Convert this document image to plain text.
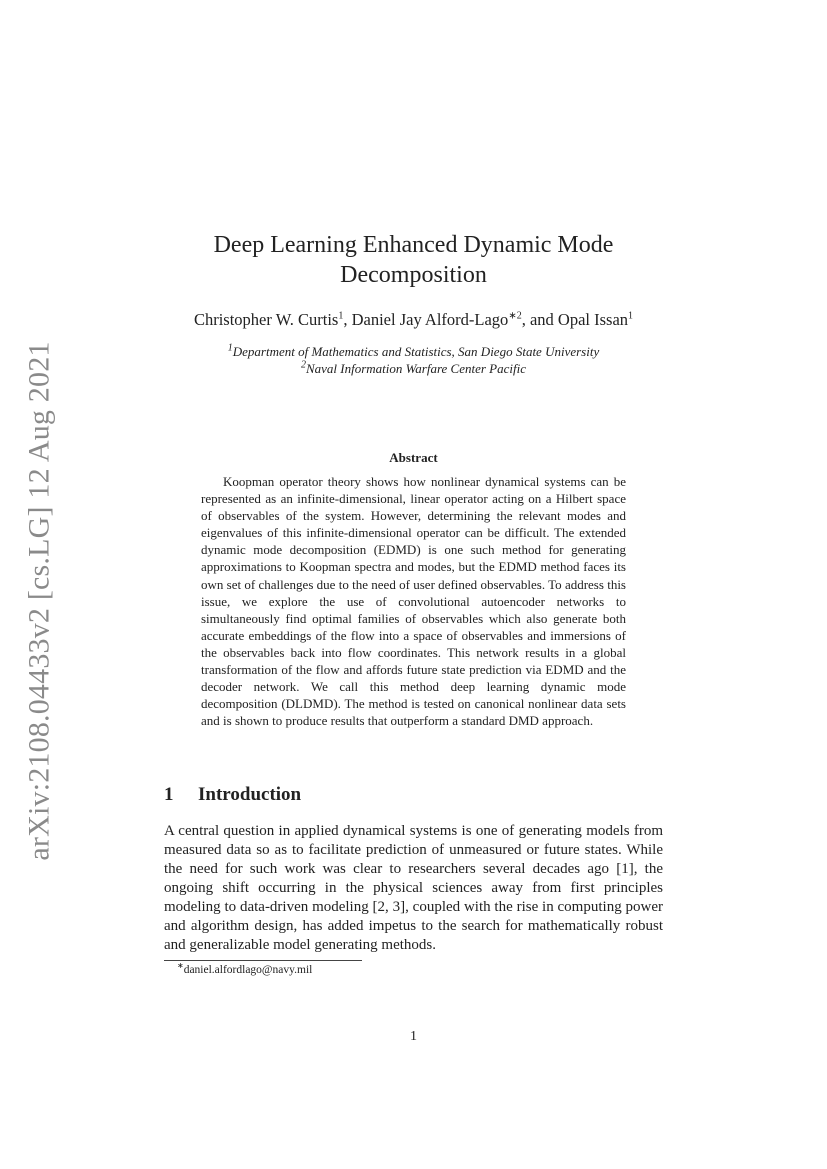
arXiv:2108.04433v2 [cs.LG] 12 Aug 2021
Deep Learning Enhanced Dynamic Mode
Decomposition
Christopher W. Curtis$^1$, Daniel Jay Alford-Lago$^{∗2}$, and Opal Issan$^1$
$^1$Department of Mathematics and Statistics, San Diego State University
$^2$Naval Information Warfare Center Pacific
Abstract

Koopman operator theory shows how nonlinear dynamical systems can be represented as an infinite-dimensional, linear operator acting on a Hilbert space of observables of the system. However, determining the relevant modes and eigenvalues of this infinite-dimensional operator can be difficult. The extended dynamic mode decomposition (EDMD) is one such method for generating approximations to Koopman spectra and modes, but the EDMD method faces its own set of challenges due to the need of user defined observables. To address this issue, we explore the use of convolutional autoencoder networks to simultaneously find optimal families of observables which also generate both accurate embeddings of the flow into a space of observables and immersions of the observables back into flow coordinates. This network results in a global transformation of the flow and affords future state prediction via EDMD and the decoder network. We call this method deep learning dynamic mode decomposition (DLDMD). The method is tested on canonical nonlinear data sets and is shown to produce results that outperform a standard DMD approach.

1 Introduction

A central question in applied dynamical systems is one of generating models from measured data so as to facilitate prediction of unmeasured or future states. While the need for such work was clear to researchers several decades ago [1], the ongoing shift occurring in the physical sciences away from first principles modeling to data-driven modeling [2, 3], coupled with the rise in computing power and algorithm design, has added impetus to the search for mathematically robust and generalizable model generating methods.

∗daniel.alfordlago@navy.mil
1
